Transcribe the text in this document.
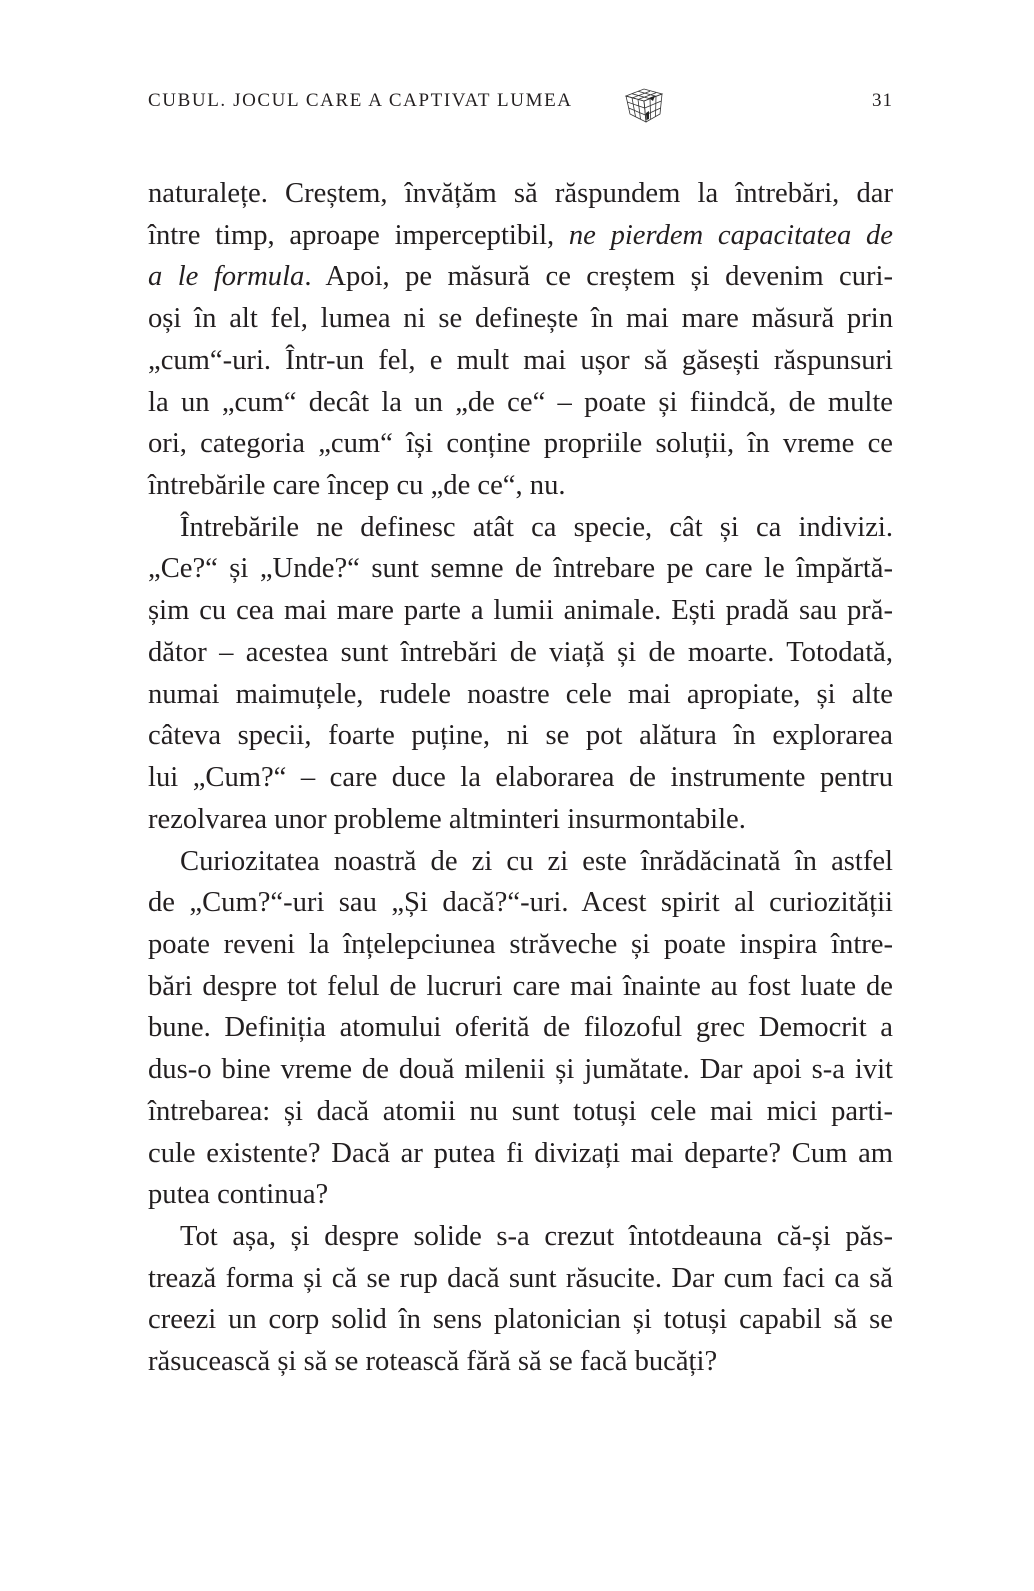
CUBUL. JOCUL CARE A CAPTIVAT LUMEA	31
naturalețe. Creștem, învățăm să răspundem la întrebări, dar
între timp, aproape imperceptibil, ne pierdem capacitatea de
a le formula. Apoi, pe măsură ce creștem și devenim curi-
oși în alt fel, lumea ni se definește în mai mare măsură prin
„cum“-uri. Într-un fel, e mult mai ușor să găsești răspunsuri
la un „cum“ decât la un „de ce“ – poate și fiindcă, de multe
ori, categoria „cum“ își conține propriile soluții, în vreme ce
întrebările care încep cu „de ce“, nu.
Întrebările ne definesc atât ca specie, cât și ca indivizi.
„Ce?“ și „Unde?“ sunt semne de întrebare pe care le împărtă-
șim cu cea mai mare parte a lumii animale. Ești pradă sau pră-
dător – acestea sunt întrebări de viață și de moarte. Totodată,
numai maimuțele, rudele noastre cele mai apropiate, și alte
câteva specii, foarte puține, ni se pot alătura în explorarea
lui „Cum?“ – care duce la elaborarea de instrumente pentru
rezolvarea unor probleme altminteri insurmontabile.
Curiozitatea noastră de zi cu zi este înrădăcinată în astfel
de „Cum?“-uri sau „Și dacă?“-uri. Acest spirit al curiozității
poate reveni la înțelepciunea străveche și poate inspira între-
bări despre tot felul de lucruri care mai înainte au fost luate de
bune. Definiția atomului oferită de filozoful grec Democrit a
dus-o bine vreme de două milenii și jumătate. Dar apoi s-a ivit
întrebarea: și dacă atomii nu sunt totuși cele mai mici parti-
cule existente? Dacă ar putea fi divizați mai departe? Cum am
putea continua?
Tot așa, și despre solide s-a crezut întotdeauna că-și păs-
trează forma și că se rup dacă sunt răsucite. Dar cum faci ca să
creezi un corp solid în sens platonician și totuși capabil să se
răsucească și să se rotească fără să se facă bucăți?
